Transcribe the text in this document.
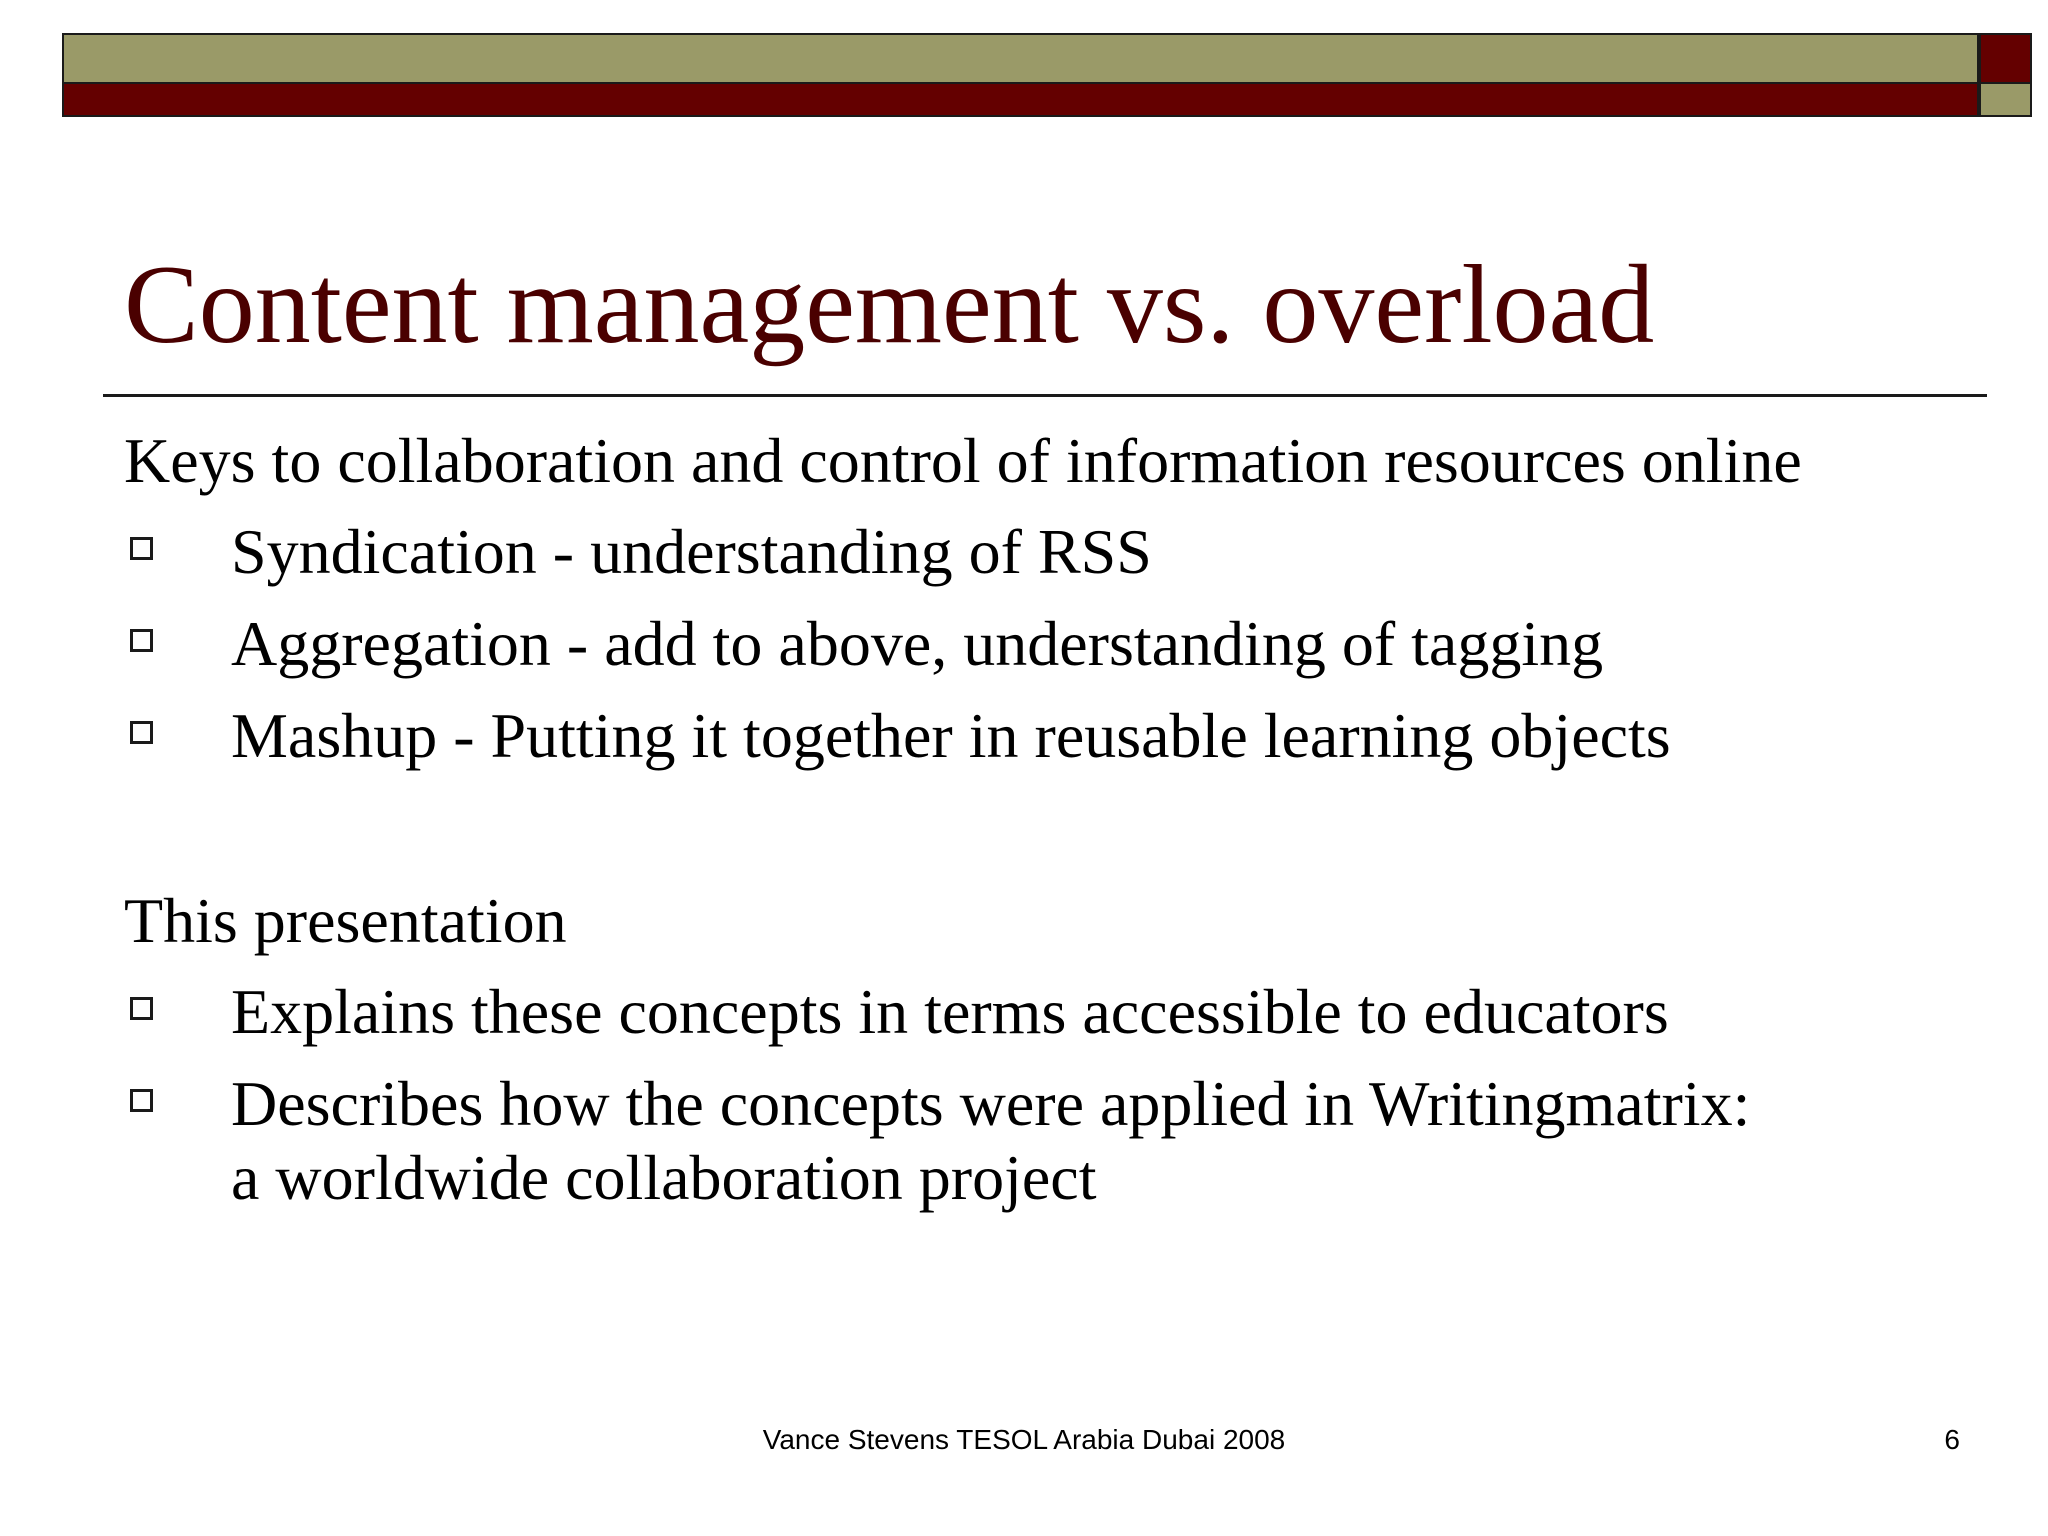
Content management vs. overload
Keys to collaboration and control of information resources online
Syndication - understanding of RSS
Aggregation - add to above, understanding of tagging
Mashup - Putting it together in reusable learning objects
This presentation
Explains these concepts in terms accessible to educators
Describes how the concepts were applied in Writingmatrix:
a worldwide collaboration project
Vance Stevens TESOL Arabia Dubai 2008	6
